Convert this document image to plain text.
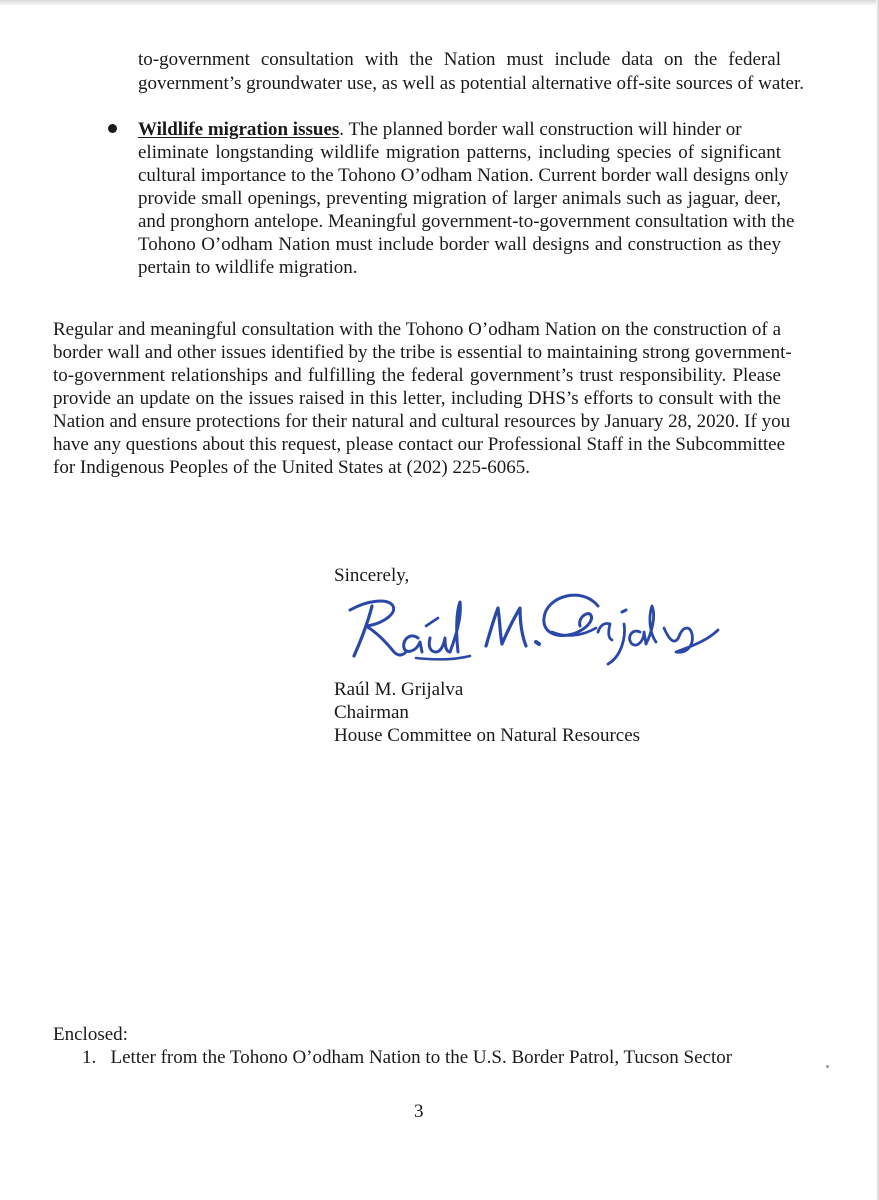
to-government consultation with the Nation must include data on the federal
government’s groundwater use, as well as potential alternative off-site sources of water.
Wildlife migration issues. The planned border wall construction will hinder or
eliminate longstanding wildlife migration patterns, including species of significant
cultural importance to the Tohono O’odham Nation. Current border wall designs only
provide small openings, preventing migration of larger animals such as jaguar, deer,
and pronghorn antelope. Meaningful government-to-government consultation with the
Tohono O’odham Nation must include border wall designs and construction as they
pertain to wildlife migration.
Regular and meaningful consultation with the Tohono O’odham Nation on the construction of a
border wall and other issues identified by the tribe is essential to maintaining strong government-
to-government relationships and fulfilling the federal government’s trust responsibility. Please
provide an update on the issues raised in this letter, including DHS’s efforts to consult with the
Nation and ensure protections for their natural and cultural resources by January 28, 2020. If you
have any questions about this request, please contact our Professional Staff in the Subcommittee
for Indigenous Peoples of the United States at (202) 225-6065.
Sincerely,
Raúl M. Grijalva
Chairman
House Committee on Natural Resources
Enclosed:
1.   Letter from the Tohono O’odham Nation to the U.S. Border Patrol, Tucson Sector
3
